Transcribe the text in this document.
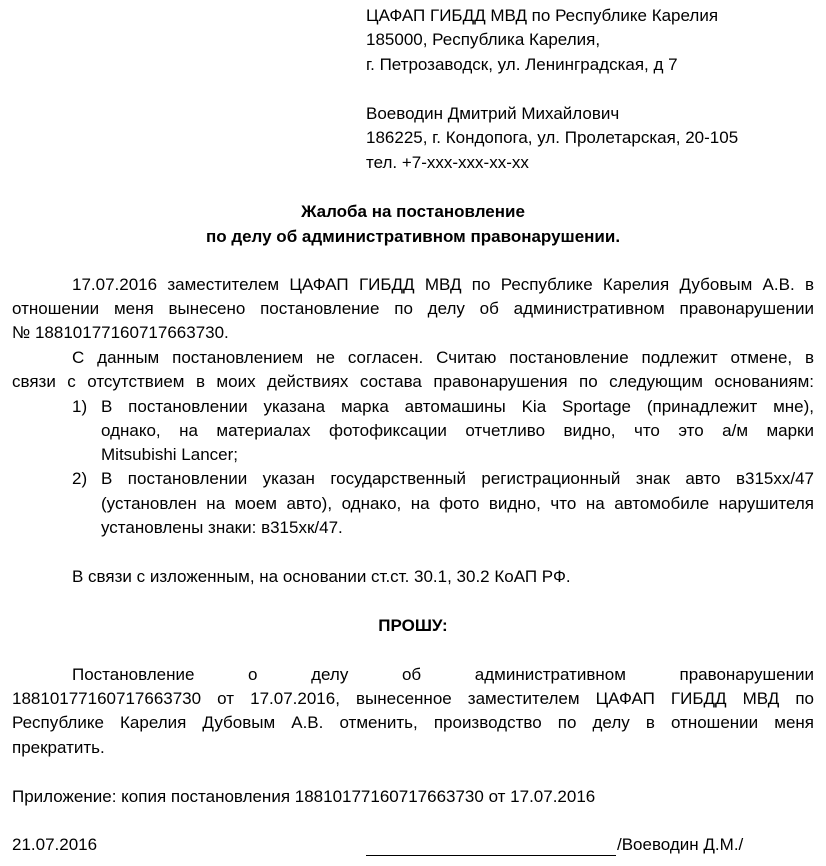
ЦАФАП ГИБДД МВД по Республике Карелия
185000, Республика Карелия,
г. Петрозаводск, ул. Ленинградская, д 7
Воеводин Дмитрий Михайлович
186225, г. Кондопога, ул. Пролетарская, 20-105
тел. +7-ххх-ххх-хх-хх
Жалоба на постановление
по делу об административном правонарушении.
17.07.2016 заместителем ЦАФАП ГИБДД МВД по Республике Карелия Дубовым А.В. в
отношении меня вынесено постановление по делу об административном правонарушении
№ 18810177160717663730.
С данным постановлением не согласен. Считаю постановление подлежит отмене, в
связи с отсутствием в моих действиях состава правонарушения по следующим основаниям:
1) В постановлении указана марка автомашины Kia Sportage (принадлежит мне),
однако, на материалах фотофиксации отчетливо видно, что это а/м марки
Mitsubishi Lancer;
2) В постановлении указан государственный регистрационный знак авто в315хх/47
(установлен на моем авто), однако, на фото видно, что на автомобиле нарушителя
установлены знаки: в315хк/47.
В связи с изложенным, на основании ст.ст. 30.1, 30.2 КоАП РФ.
ПРОШУ:
Постановление о делу об административном правонарушении
18810177160717663730 от 17.07.2016, вынесенное заместителем ЦАФАП ГИБДД МВД по
Республике Карелия Дубовым А.В. отменить, производство по делу в отношении меня
прекратить.
Приложение: копия постановления 18810177160717663730 от 17.07.2016
21.07.2016	/Воеводин Д.М./
